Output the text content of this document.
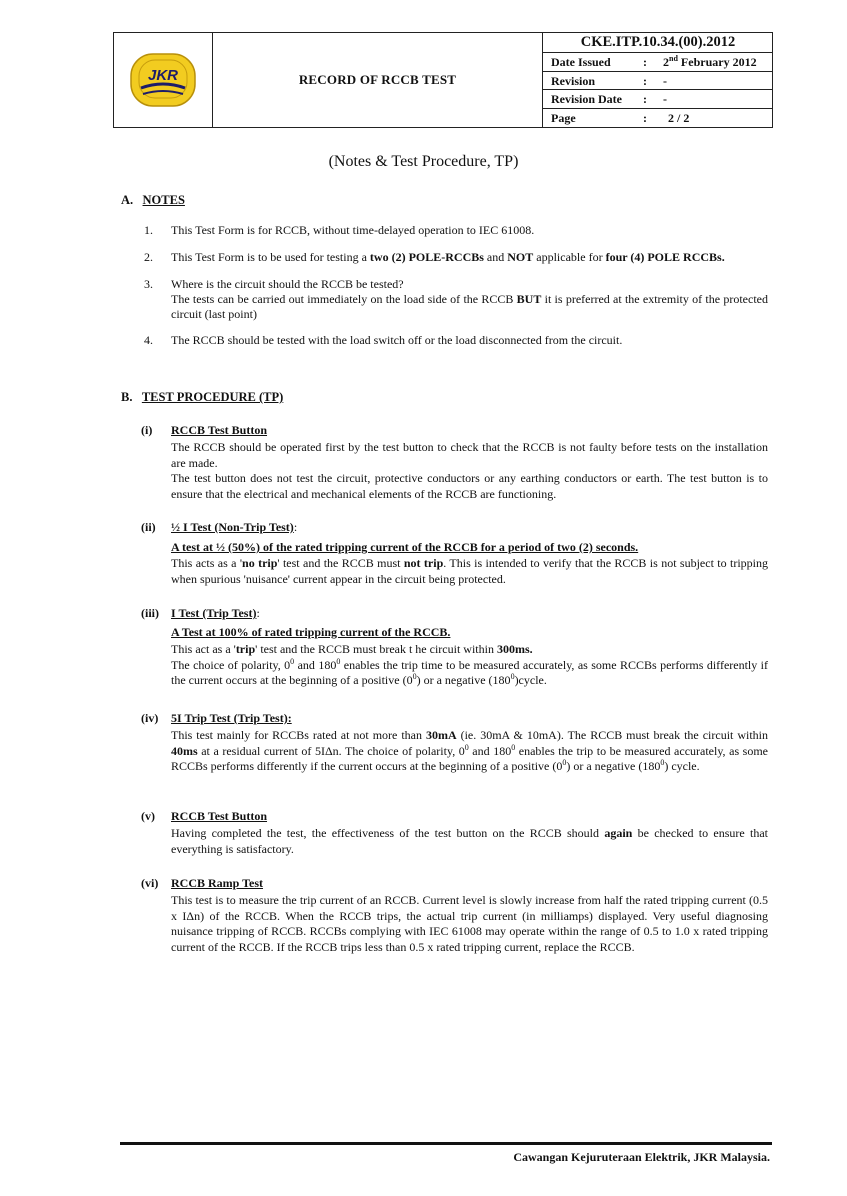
JKR	RECORD OF RCCB TEST
CKE.ITP.10.34.(00).2012
Date Issued	: 2nd February 2012
Revision	: -
Revision Date : -
Page	: 2 / 2
(Notes & Test Procedure, TP)
A. NOTES
1. This Test Form is for RCCB, without time-delayed operation to IEC 61008.
2. This Test Form is to be used for testing a two (2) POLE-RCCBs and NOT applicable for four (4) POLE RCCBs.
3. Where is the circuit should the RCCB be tested?
The tests can be carried out immediately on the load side of the RCCB BUT it is preferred at the extremity of the protected circuit (last point)
4. The RCCB should be tested with the load switch off or the load disconnected from the circuit.
B. TEST PROCEDURE (TP)
(i) RCCB Test Button

The RCCB should be operated first by the test button to check that the RCCB is not faulty before tests on the installation are made.

The test button does not test the circuit, protective conductors or any earthing conductors or earth. The test button is to ensure that the electrical and mechanical elements of the RCCB are functioning.

(ii) ½ I Test (Non-Trip Test):
A test at ½ (50%) of the rated tripping current of the RCCB for a period of two (2) seconds.
This acts as a 'no trip' test and the RCCB must not trip. This is intended to verify that the RCCB is not subject to tripping when spurious 'nuisance' current appear in the circuit being protected.
(iii) I Test (Trip Test):
A Test at 100% of rated tripping current of the RCCB.

This act as a 'trip' test and the RCCB must break t he circuit within 300ms.

The choice of polarity, $0^0$ and $180^0$ enables the trip time to be measured accurately, as some RCCBs performs differently if the current occurs at the beginning of a positive $(0^0)$ or a negative $(180^0)cycle$.

(iv) 5I Trip Test (Trip Test):
This test mainly for RCCBs rated at not more than 30mA (ie. 30mA & 10mA). The RCCB must break the circuit within 40ms at a residual current of 5IΔn. The choice of polarity, $0^0$ and $180^0$ enables the trip to be measured accurately, as some RCCBs performs differently if the current occurs at the beginning of a positive $(0^0)$ or a negative $(180^0)$ cycle.
(v) RCCB Test Button
Having completed the test, the effectiveness of the test button on the RCCB should again be checked to ensure that everything is satisfactory.
(vi) RCCB Ramp Test
This test is to measure the trip current of an RCCB. Current level is slowly increase from half the rated tripping current (0.5 x IΔn) of the RCCB. When the RCCB trips, the actual trip current (in milliamps) displayed. Very useful diagnosing nuisance tripping of RCCB. RCCBs complying with IEC 61008 may operate within the range of 0.5 to 1.0 x rated tripping current of the RCCB. If the RCCB trips less than 0.5 x rated tripping current, replace the RCCB.
Cawangan Kejuruteraan Elektrik, JKR Malaysia.
